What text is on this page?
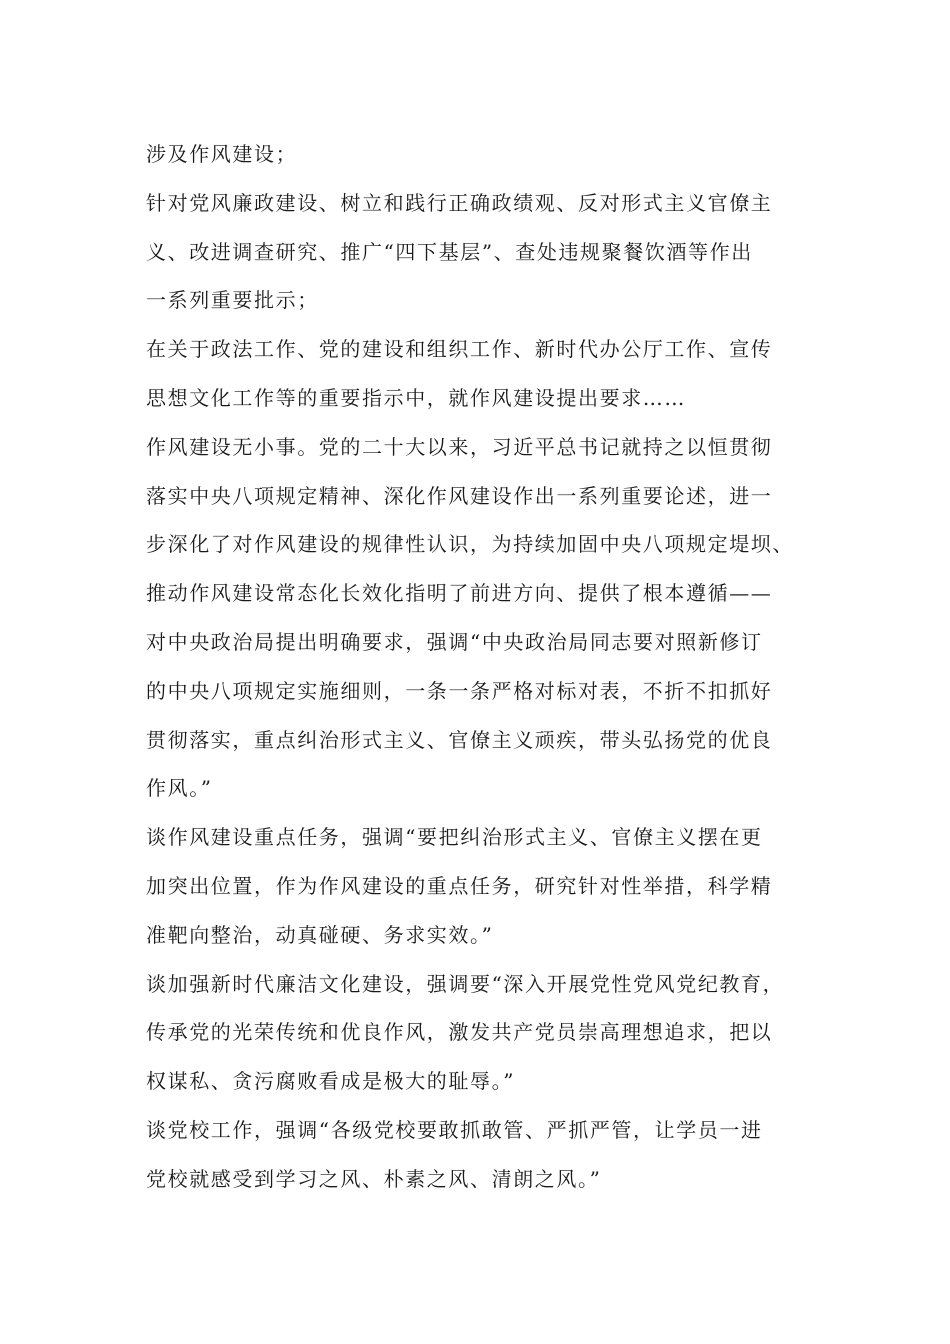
涉及作风建设；

针对党风廉政建设、树立和践行正确政绩观、反对形式主义官僚主
义、改进调查研究、推广“四下基层”、查处违规聚餐饮酒等作出
一系列重要批示；

在关于政法工作、党的建设和组织工作、新时代办公厅工作、宣传
思想文化工作等的重要指示中，就作风建设提出要求……

作风建设无小事。党的二十大以来，习近平总书记就持之以恒贯彻
落实中央八项规定精神、深化作风建设作出一系列重要论述，进一
步深化了对作风建设的规律性认识，为持续加固中央八项规定堤坝、
推动作风建设常态化长效化指明了前进方向、提供了根本遵循——

对中央政治局提出明确要求，强调“中央政治局同志要对照新修订
的中央八项规定实施细则，一条一条严格对标对表，不折不扣抓好
贯彻落实，重点纠治形式主义、官僚主义顽疾，带头弘扬党的优良
作风。”

谈作风建设重点任务，强调“要把纠治形式主义、官僚主义摆在更
加突出位置，作为作风建设的重点任务，研究针对性举措，科学精
准靶向整治，动真碰硬、务求实效。”

谈加强新时代廉洁文化建设，强调要“深入开展党性党风党纪教育，
传承党的光荣传统和优良作风，激发共产党员崇高理想追求，把以
权谋私、贪污腐败看成是极大的耻辱。”

谈党校工作，强调“各级党校要敢抓敢管、严抓严管，让学员一进
党校就感受到学习之风、朴素之风、清朗之风。”
